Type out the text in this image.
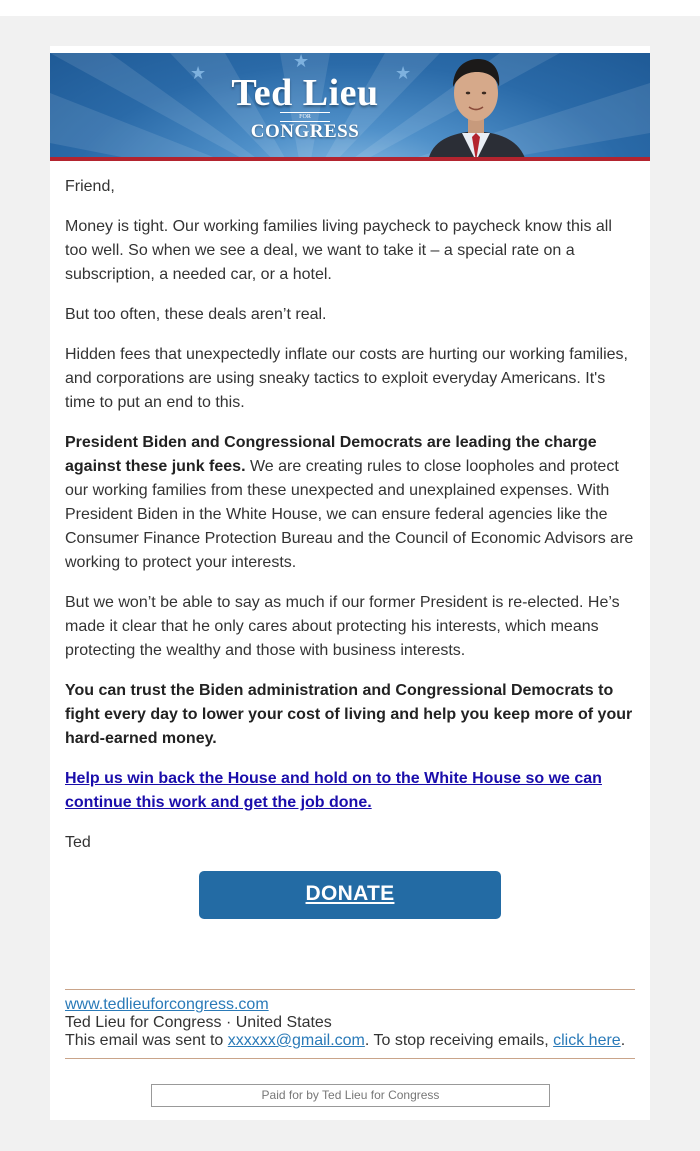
★
★
★
Ted Lieu
FOR
CONGRESS

Friend,

Money is tight. Our working families living paycheck to paycheck know this all too well. So when we see a deal, we want to take it – a special rate on a subscription, a needed car, or a hotel.

But too often, these deals aren’t real.

Hidden fees that unexpectedly inflate our costs are hurting our working families, and corporations are using sneaky tactics to exploit everyday Americans. It's time to put an end to this.

President Biden and Congressional Democrats are leading the charge against these junk fees. We are creating rules to close loopholes and protect our working families from these unexpected and unexplained expenses. With President Biden in the White House, we can ensure federal agencies like the Consumer Finance Protection Bureau and the Council of Economic Advisors are working to protect your interests.

But we won’t be able to say as much if our former President is re-elected. He’s made it clear that he only cares about protecting his interests, which means protecting the wealthy and those with business interests.

You can trust the Biden administration and Congressional Democrats to fight every day to lower your cost of living and help you keep more of your hard-earned money.

Help us win back the House and hold on to the White House so we can continue this work and get the job done.

Ted

DONATE
www.tedlieuforcongress.com
Ted Lieu for Congress · United States
This email was sent to xxxxxx@gmail.com. To stop receiving emails, click here.
Paid for by Ted Lieu for Congress
